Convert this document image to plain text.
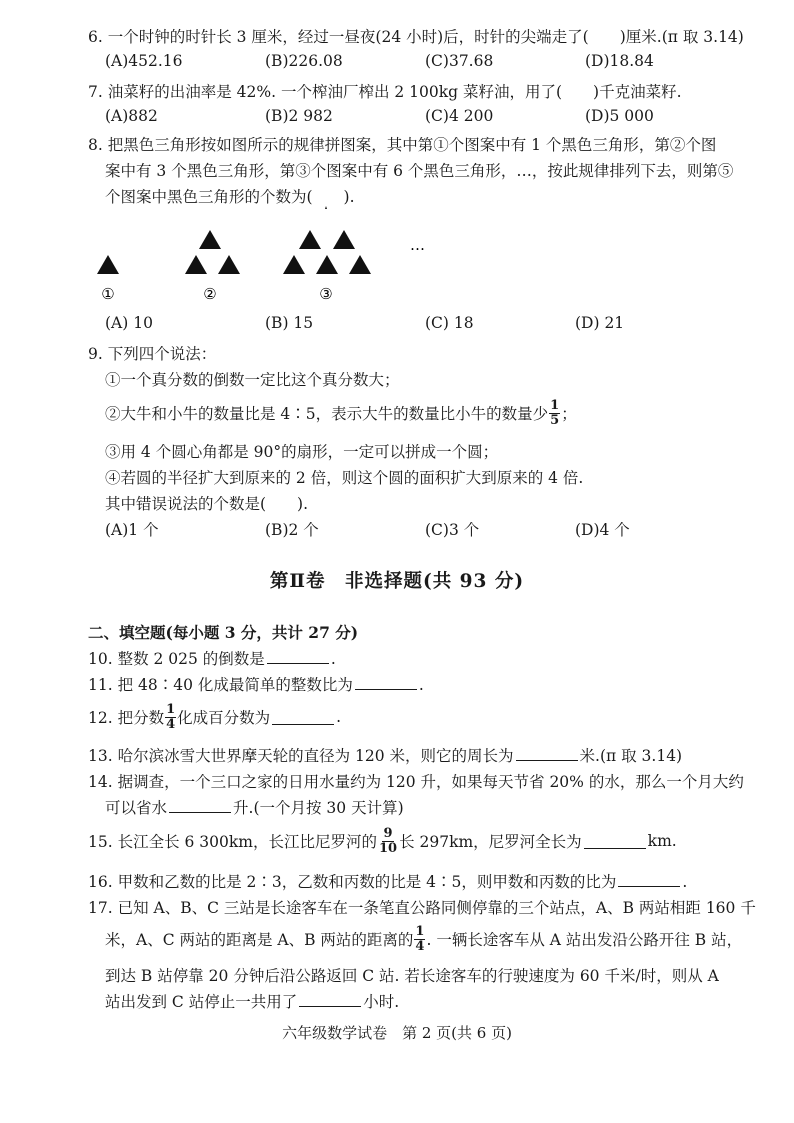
6. 一个时钟的时针长 3 厘米，经过一昼夜(24 小时)后，时针的尖端走了(　　)厘米.(π 取 3.14)
(A)452.16	(B)226.08	(C)37.68	(D)18.84
7. 油菜籽的出油率是 42%. 一个榨油厂榨出 2 100kg 菜籽油，用了(　　)千克油菜籽.
(A)882	(B)2 982	(C)4 200	(D)5 000
8. 把黑色三角形按如图所示的规律拼图案，其中第①个图案中有 1 个黑色三角形，第②个图
案中有 3 个黑色三角形，第③个图案中有 6 个黑色三角形，…，按此规律排列下去，则第⑤
个图案中黑色三角形的个数为(　　).
①	②	③
…
(A) 10	(B) 15	(C) 18	(D) 21
9. 下列四个说法：
①一个真分数的倒数一定比这个真分数大；
②大牛和小牛的数量比是 4∶5，表示大牛的数量比小牛的数量少 $\frac{1}{5}$ ；
③用 4 个圆心角都是 90°的扇形，一定可以拼成一个圆；
④若圆的半径扩大到原来的 2 倍，则这个圆的面积扩大到原来的 4 倍.
其中错误说法的个数是(　　).
(A)1 个	(B)2 个	(C)3 个	(D)4 个
第Ⅱ卷　非选择题(共 93 分)
二、填空题(每小题 3 分，共计 27 分)
10. 整数 2 025 的倒数是	.
11. 把 48∶40 化成最简单的整数比为	.
12. 把分数 $\frac{1}{4}$ 化成百分数为	.
13. 哈尔滨冰雪大世界摩天轮的直径为 120 米，则它的周长为	米.(π 取 3.14)
14. 据调查，一个三口之家的日用水量约为 120 升，如果每天节省 20% 的水，那么一个月大约
可以省水	升.(一个月按 30 天计算)
15. 长江全长 6 300km，长江比尼罗河的 $\frac{9}{10}$ 长 297km，尼罗河全长为	km.
16. 甲数和乙数的比是 2∶3，乙数和丙数的比是 4∶5，则甲数和丙数的比为	.
17. 已知 A、B、C 三站是长途客车在一条笔直公路同侧停靠的三个站点，A、B 两站相距 160 千
米，A、C 两站的距离是 A、B 两站的距离的 $\frac{1}{4}$ . 一辆长途客车从 A 站出发沿公路开往 B 站，
到达 B 站停靠 20 分钟后沿公路返回 C 站. 若长途客车的行驶速度为 60 千米/时，则从 A
站出发到 C 站停止一共用了	小时.
六年级数学试卷　第 2 页(共 6 页)
